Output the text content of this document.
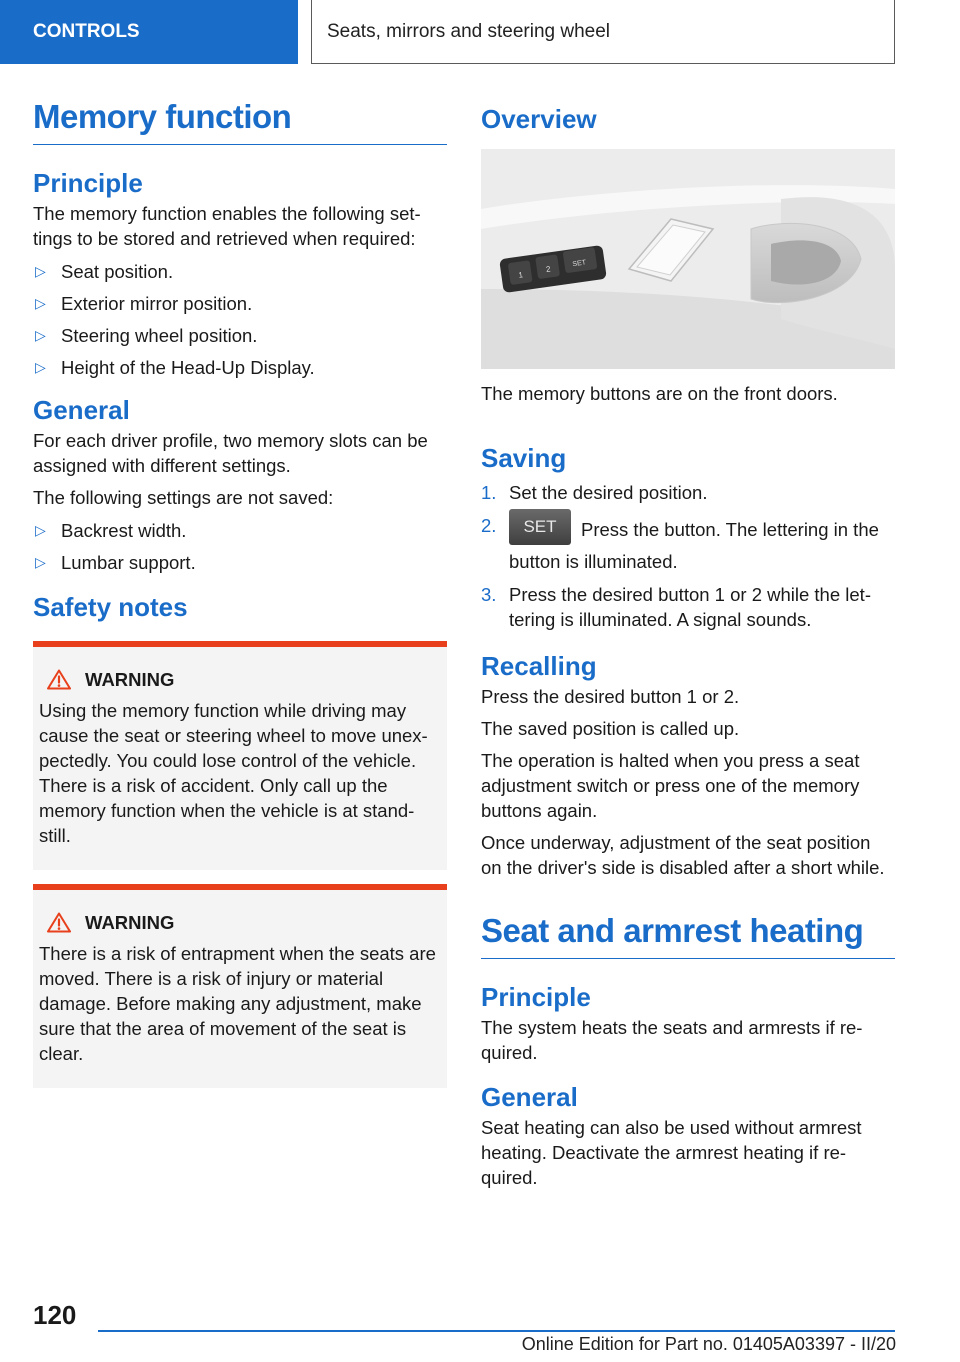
CONTROLS	Seats, mirrors and steering wheel
Memory function
Principle

The memory function enables the following set-tings to be stored and retrieved when required:

▷ Seat position.
▷ Exterior mirror position.
▷ Steering wheel position.
▷ Height of the Head-Up Display.
General

For each driver profile, two memory slots can be assigned with different settings.

The following settings are not saved:

▷ Backrest width.
▷ Lumbar support.
Safety notes
WARNING

Using the memory function while driving may cause the seat or steering wheel to move unex-pectedly. You could lose control of the vehicle. There is a risk of accident. Only call up the memory function when the vehicle is at stand-still.

WARNING

There is a risk of entrapment when the seats are moved. There is a risk of injury or material damage. Before making any adjustment, make sure that the area of movement of the seat is clear.

Overview
1
2
SET

The memory buttons are on the front doors.

Saving
1. Set the desired position.
2. SET Press the button. The lettering in the button is illuminated.
3. Press the desired button 1 or 2 while the let-tering is illuminated. A signal sounds.
Recalling

Press the desired button 1 or 2.

The saved position is called up.

The operation is halted when you press a seat adjustment switch or press one of the memory buttons again.

Once underway, adjustment of the seat position on the driver's side is disabled after a short while.

Seat and armrest heating
Principle

The system heats the seats and armrests if re-quired.

General

Seat heating can also be used without armrest heating. Deactivate the armrest heating if re-quired.

120
Online Edition for Part no. 01405A03397 - II/20
